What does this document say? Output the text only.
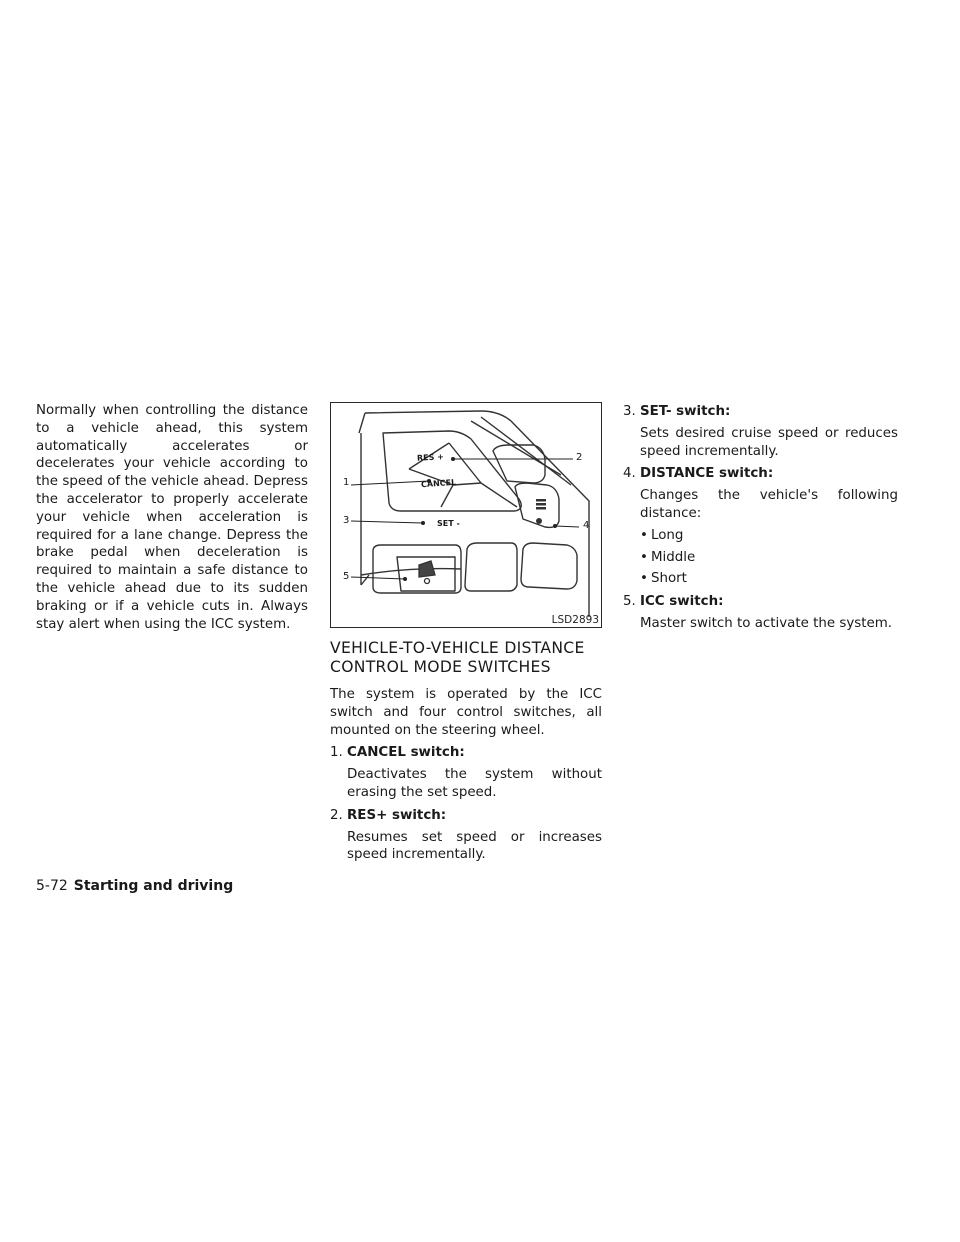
Normally when controlling the distance to a vehicle ahead, this system automatically accelerates or decelerates your vehicle according to the speed of the vehicle ahead. Depress the accelerator to properly accelerate your vehicle when acceleration is required for a lane change. Depress the brake pedal when deceleration is required to maintain a safe distance to the vehicle ahead due to its sudden braking or if a vehicle cuts in. Always stay alert when using the ICC system.

RES +
CANCEL
SET -
1
2
3	4
5
LSD2893
VEHICLE-TO-VEHICLE DISTANCE
CONTROL MODE SWITCHES

The system is operated by the ICC switch and four control switches, all mounted on the steering wheel.

1. CANCEL switch:
Deactivates the system without erasing the set speed.
2. RES+ switch:
Resumes set speed or increases speed incrementally.
3. SET- switch:
Sets desired cruise speed or reduces speed incrementally.
4. DISTANCE switch:
Changes the vehicle's following distance:
• Long
• Middle
• Short
5. ICC switch:
Master switch to activate the system.
5-72 Starting and driving
